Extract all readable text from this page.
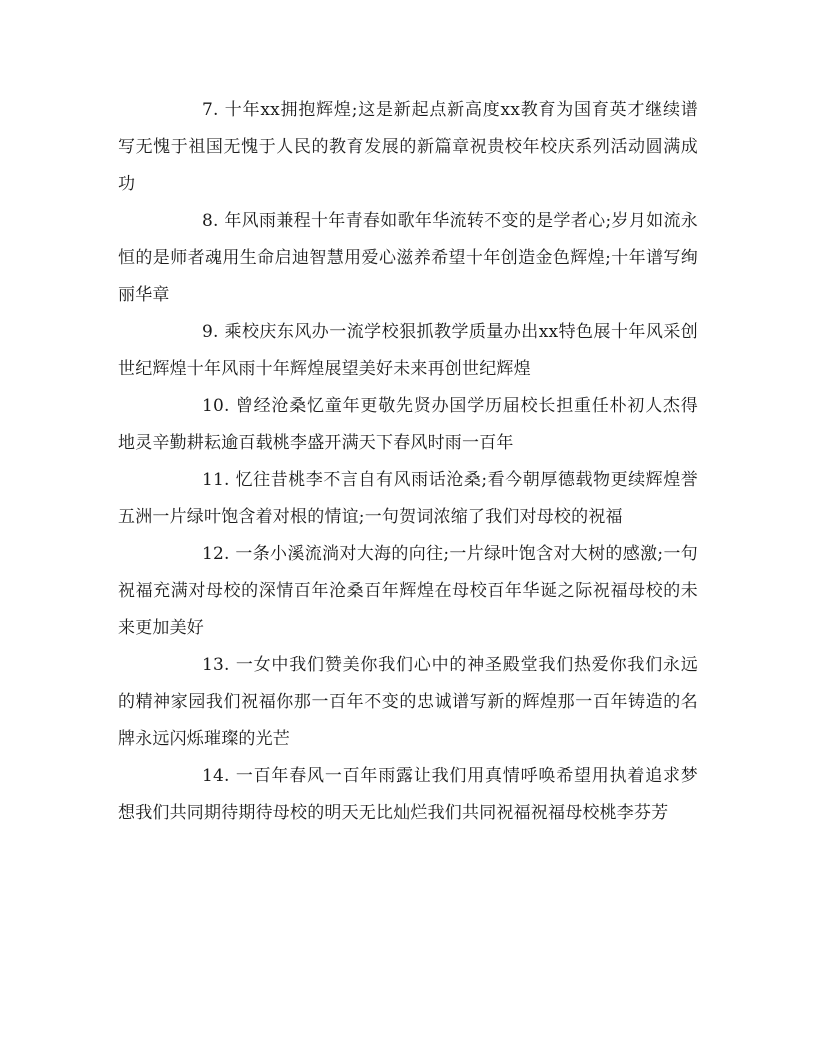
7. 十年xx拥抱辉煌;这是新起点新高度xx教育为国育英才继续谱写无愧于祖国无愧于人民的教育发展的新篇章祝贵校年校庆系列活动圆满成功

8. 年风雨兼程十年青春如歌年华流转不变的是学者心;岁月如流永恒的是师者魂用生命启迪智慧用爱心滋养希望十年创造金色辉煌;十年谱写绚丽华章

9. 乘校庆东风办一流学校狠抓教学质量办出xx特色展十年风采创世纪辉煌十年风雨十年辉煌展望美好未来再创世纪辉煌

10. 曾经沧桑忆童年更敬先贤办国学历届校长担重任朴初人杰得地灵辛勤耕耘逾百载桃李盛开满天下春风时雨一百年

11. 忆往昔桃李不言自有风雨话沧桑;看今朝厚德载物更续辉煌誉五洲一片绿叶饱含着对根的情谊;一句贺词浓缩了我们对母校的祝福

12. 一条小溪流淌对大海的向往;一片绿叶饱含对大树的感激;一句祝福充满对母校的深情百年沧桑百年辉煌在母校百年华诞之际祝福母校的未来更加美好

13. 一女中我们赞美你我们心中的神圣殿堂我们热爱你我们永远的精神家园我们祝福你那一百年不变的忠诚谱写新的辉煌那一百年铸造的名牌永远闪烁璀璨的光芒

14. 一百年春风一百年雨露让我们用真情呼唤希望用执着追求梦想我们共同期待期待母校的明天无比灿烂我们共同祝福祝福母校桃李芬芳
